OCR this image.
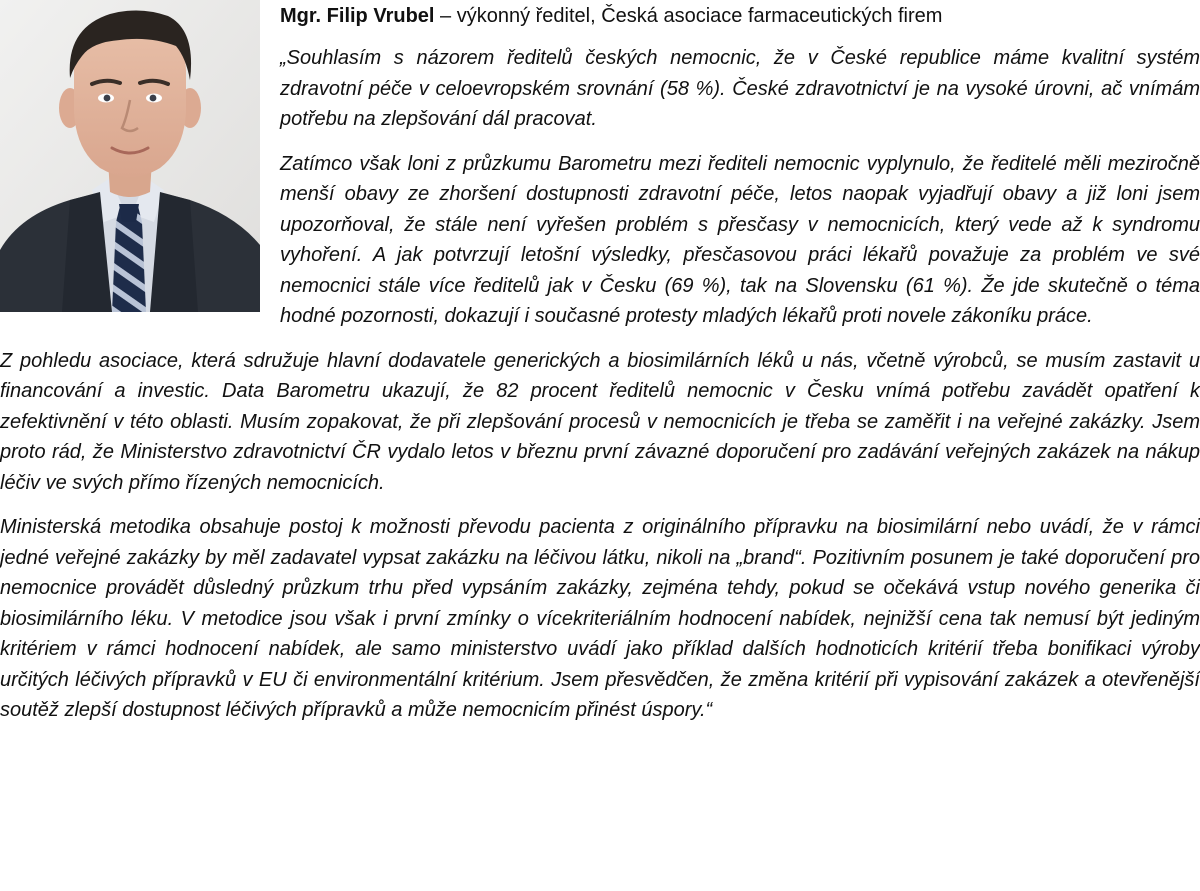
Mgr. Filip Vrubel – výkonný ředitel, Česká asociace farmaceutických firem

„Souhlasím s názorem ředitelů českých nemocnic, že v České republice máme kvalitní systém zdravotní péče v celoevropském srovnání (58 %). České zdravotnictví je na vysoké úrovni, ač vnímám potřebu na zlepšování dál pracovat.

Zatímco však loni z průzkumu Barometru mezi řediteli nemocnic vyplynulo, že ředitelé měli meziročně menší obavy ze zhoršení dostupnosti zdravotní péče, letos naopak vyjadřují obavy a již loni jsem upozorňoval, že stále není vyřešen problém s přesčasy v nemocnicích, který vede až k syndromu vyhoření. A jak potvrzují letošní výsledky, přesčasovou práci lékařů považuje za problém ve své nemocnici stále více ředitelů jak v Česku (69 %), tak na Slovensku (61 %). Že jde skutečně o téma hodné pozornosti, dokazují i současné protesty mladých lékařů proti novele zákoníku práce.

Z pohledu asociace, která sdružuje hlavní dodavatele generických a biosimilárních léků u nás, včetně výrobců, se musím zastavit u financování a investic. Data Barometru ukazují, že 82 procent ředitelů nemocnic v Česku vnímá potřebu zavádět opatření k zefektivnění v této oblasti. Musím zopakovat, že při zlepšování procesů v nemocnicích je třeba se zaměřit i na veřejné zakázky. Jsem proto rád, že Ministerstvo zdravotnictví ČR vydalo letos v březnu první závazné doporučení pro zadávání veřejných zakázek na nákup léčiv ve svých přímo řízených nemocnicích.

Ministerská metodika obsahuje postoj k možnosti převodu pacienta z originálního přípravku na biosimilární nebo uvádí, že v rámci jedné veřejné zakázky by měl zadavatel vypsat zakázku na léčivou látku, nikoli na „brand“. Pozitivním posunem je také doporučení pro nemocnice provádět důsledný průzkum trhu před vypsáním zakázky, zejména tehdy, pokud se očekává vstup nového generika či biosimilárního léku. V metodice jsou však i první zmínky o vícekriteriálním hodnocení nabídek, nejnižší cena tak nemusí být jediným kritériem v rámci hodnocení nabídek, ale samo ministerstvo uvádí jako příklad dalších hodnoticích kritérií třeba bonifikaci výroby určitých léčivých přípravků v EU či environmentální kritérium. Jsem přesvědčen, že změna kritérií při vypisování zakázek a otevřenější soutěž zlepší dostupnost léčivých přípravků a může nemocnicím přinést úspory.“
